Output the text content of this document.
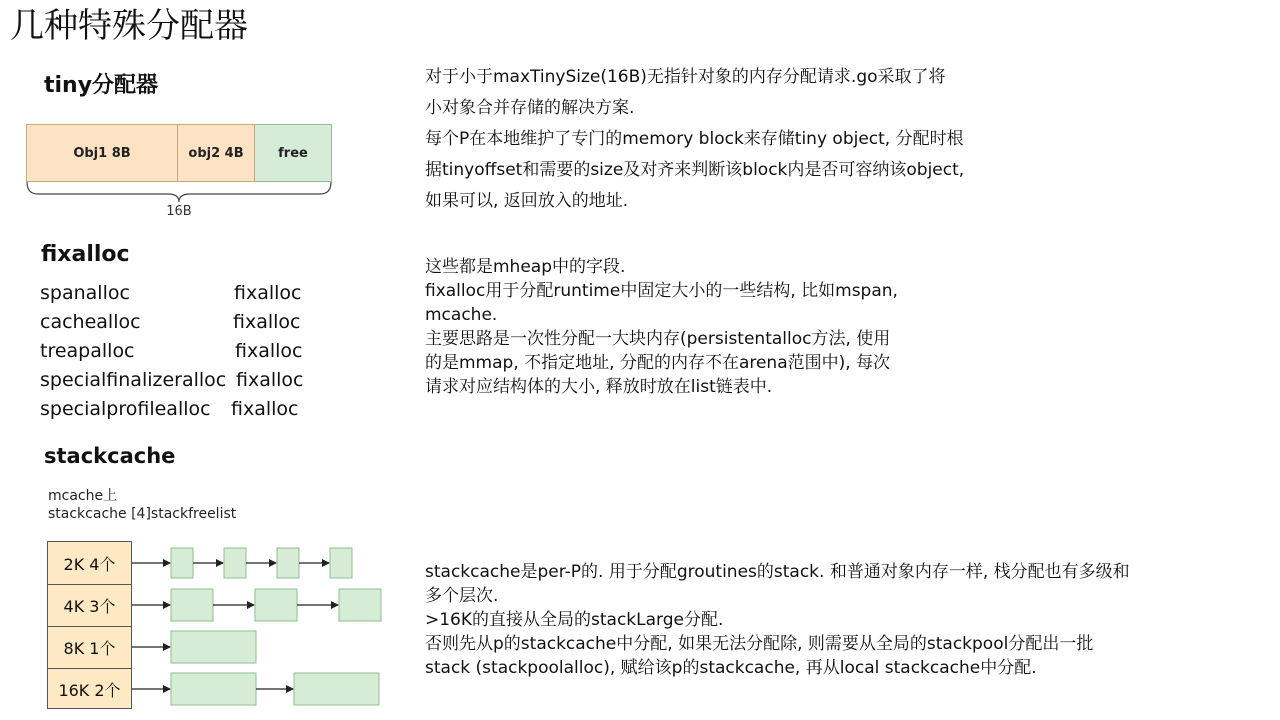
几种特殊分配器
tiny分配器
Obj1 8B	obj2 4B	free
16B
对于小于maxTinySize(16B)无指针对象的内存分配请求.go采取了将
小对象合并存储的解决方案.
每个P在本地维护了专门的memory block来存储tiny object, 分配时根
据tinyoffset和需要的size及对齐来判断该block内是否可容纳该object,
如果可以, 返回放入的地址.
fixalloc
spanalloc	fixalloc
cachealloc	fixalloc
treapalloc	fixalloc
specialfinalizeralloc fixalloc
specialprofilealloc fixalloc
这些都是mheap中的字段.
fixalloc用于分配runtime中固定大小的一些结构, 比如mspan,
mcache.
主要思路是一次性分配一大块内存(persistentalloc方法, 使用
的是mmap, 不指定地址, 分配的内存不在arena范围中), 每次
请求对应结构体的大小, 释放时放在list链表中.
stackcache
mcache上
stackcache [4]stackfreelist
2K 4个
4K 3个
8K 1个
16K 2个
stackcache是per-P的. 用于分配groutines的stack. 和普通对象内存一样, 栈分配也有多级和
多个层次.
>16K的直接从全局的stackLarge分配.
否则先从p的stackcache中分配, 如果无法分配除, 则需要从全局的stackpool分配出一批
stack (stackpoolalloc), 赋给该p的stackcache, 再从local stackcache中分配.
